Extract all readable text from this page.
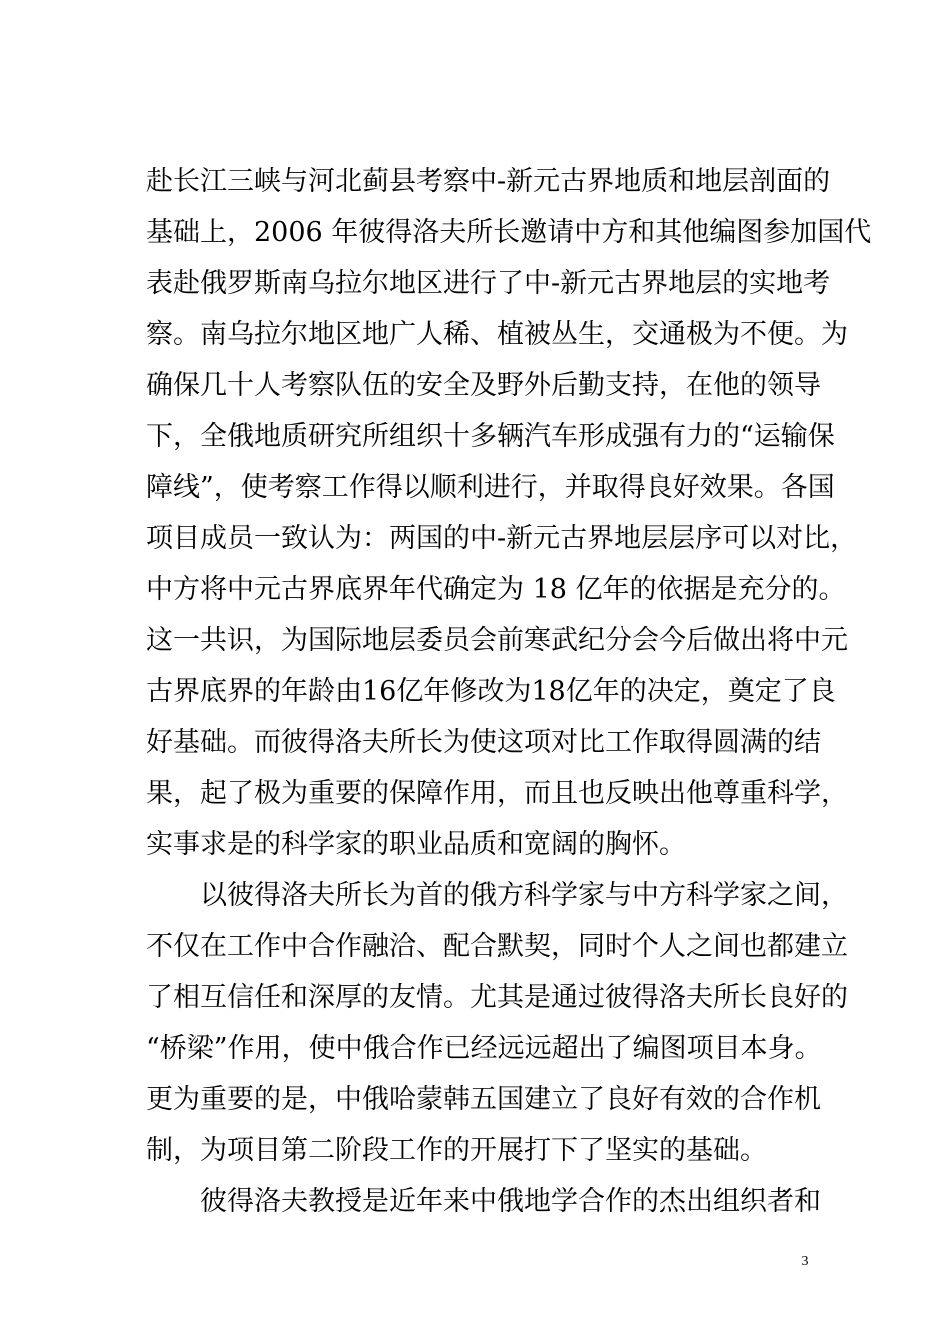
赴长江三峡与河北蓟县考察中-新元古界地质和地层剖面的
基础上，2006 年彼得洛夫所长邀请中方和其他编图参加国代
表赴俄罗斯南乌拉尔地区进行了中-新元古界地层的实地考
察。南乌拉尔地区地广人稀、植被丛生，交通极为不便。为
确保几十人考察队伍的安全及野外后勤支持，在他的领导
下，全俄地质研究所组织十多辆汽车形成强有力的“运输保
障线”，使考察工作得以顺利进行，并取得良好效果。各国
项目成员一致认为：两国的中-新元古界地层层序可以对比，
中方将中元古界底界年代确定为 18 亿年的依据是充分的。
这一共识，为国际地层委员会前寒武纪分会今后做出将中元
古界底界的年龄由16亿年修改为18亿年的决定，奠定了良
好基础。而彼得洛夫所长为使这项对比工作取得圆满的结
果，起了极为重要的保障作用，而且也反映出他尊重科学，
实事求是的科学家的职业品质和宽阔的胸怀。
以彼得洛夫所长为首的俄方科学家与中方科学家之间，
不仅在工作中合作融洽、配合默契，同时个人之间也都建立
了相互信任和深厚的友情。尤其是通过彼得洛夫所长良好的
“桥梁”作用，使中俄合作已经远远超出了编图项目本身。
更为重要的是，中俄哈蒙韩五国建立了良好有效的合作机
制，为项目第二阶段工作的开展打下了坚实的基础。
彼得洛夫教授是近年来中俄地学合作的杰出组织者和
3
